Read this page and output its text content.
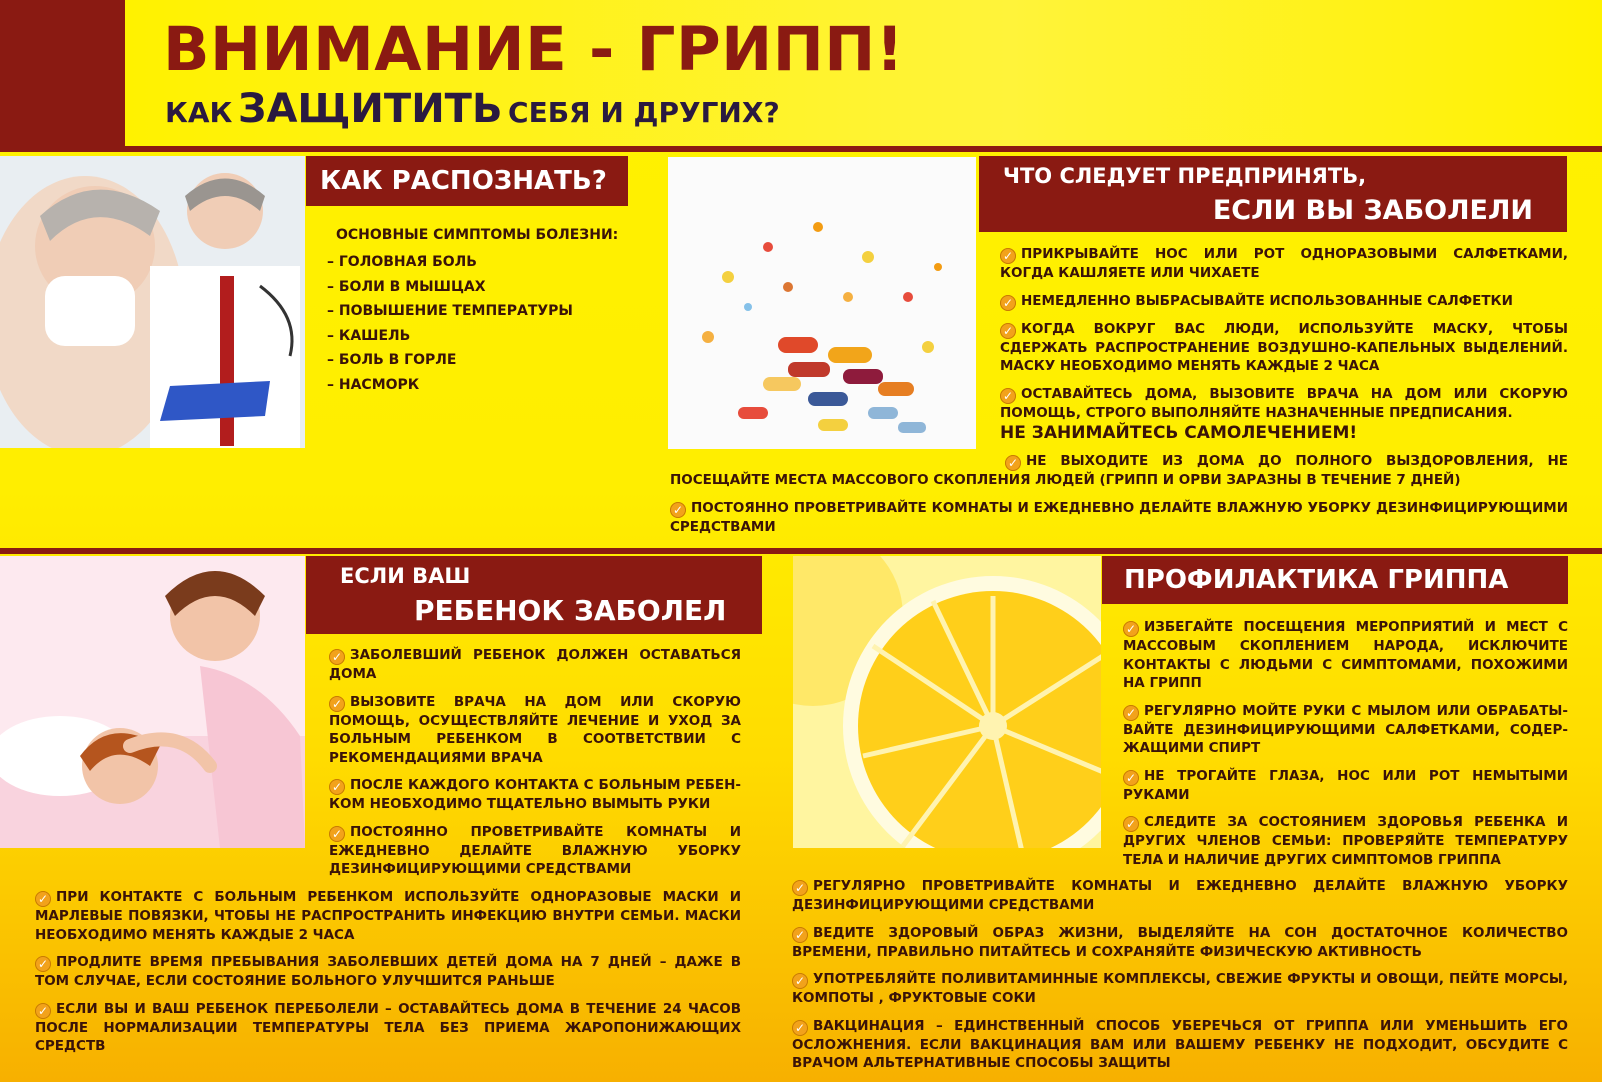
ВНИМАНИЕ - ГРИПП!
КАК ЗАЩИТИТЬ СЕБЯ И ДРУГИХ?
КАК РАСПОЗНАТЬ?
ОСНОВНЫЕ СИМПТОМЫ БОЛЕЗНИ:
– ГОЛОВНАЯ БОЛЬ
– БОЛИ В МЫШЦАХ
– ПОВЫШЕНИЕ ТЕМПЕРАТУРЫ
– КАШЕЛЬ
– БОЛЬ В ГОРЛЕ
– НАСМОРК
ЧТО СЛЕДУЕТ ПРЕДПРИНЯТЬ,
ЕСЛИ ВЫ ЗАБОЛЕЛИ

✓ ПРИКРЫВАЙТЕ НОС ИЛИ РОТ ОДНОРАЗОВЫМИ САЛФЕТКАМИ, КОГДА КАШЛЯЕТЕ ИЛИ ЧИХАЕТЕ

✓ НЕМЕДЛЕННО ВЫБРАСЫВАЙТЕ ИСПОЛЬЗОВАННЫЕ САЛФЕТКИ

✓ КОГДА ВОКРУГ ВАС ЛЮДИ, ИСПОЛЬЗУЙТЕ МАСКУ, ЧТОБЫ СДЕРЖАТЬ РАСПРОСТРАНЕНИЕ ВОЗДУШНО-КАПЕЛЬНЫХ ВЫДЕЛЕНИЙ. МАСКУ НЕОБХОДИМО МЕНЯТЬ КАЖДЫЕ 2 ЧАСА

✓ ОСТАВАЙТЕСЬ ДОМА, ВЫЗОВИТЕ ВРАЧА НА ДОМ ИЛИ СКОРУЮ ПОМОЩЬ, СТРОГО ВЫПОЛНЯЙТЕ НАЗНАЧЕННЫЕ ПРЕДПИСАНИЯ.

НЕ ЗАНИМАЙТЕСЬ САМОЛЕЧЕНИЕМ!

✓ НЕ ВЫХОДИТЕ ИЗ ДОМА ДО ПОЛНОГО ВЫЗДОРОВЛЕНИЯ, НЕ ПОСЕЩАЙТЕ МЕСТА МАССОВОГО СКОПЛЕНИЯ ЛЮДЕЙ (ГРИПП И ОРВИ ЗАРАЗНЫ В ТЕЧЕНИЕ 7 ДНЕЙ)

✓ ПОСТОЯННО ПРОВЕТРИВАЙТЕ КОМНАТЫ И ЕЖЕДНЕВНО ДЕЛАЙТЕ ВЛАЖНУЮ УБОРКУ ДЕЗИНФИЦИРУЮЩИМИ СРЕДСТВАМИ

ЕСЛИ ВАШ
РЕБЕНОК ЗАБОЛЕЛ

✓ ЗАБОЛЕВШИЙ РЕБЕНОК ДОЛЖЕН ОСТАВАТЬСЯ ДОМА

✓ ВЫЗОВИТЕ ВРАЧА НА ДОМ ИЛИ СКОРУЮ ПОМОЩЬ, ОСУЩЕСТВЛЯЙТЕ ЛЕЧЕНИЕ И УХОД ЗА БОЛЬНЫМ РЕБЕНКОМ В СООТВЕТСТВИИ С РЕКОМЕНДАЦИЯМИ ВРАЧА

✓ ПОСЛЕ КАЖДОГО КОНТАКТА С БОЛЬНЫМ РЕБЕН-КОМ НЕОБХОДИМО ТЩАТЕЛЬНО ВЫМЫТЬ РУКИ

✓ ПОСТОЯННО ПРОВЕТРИВАЙТЕ КОМНАТЫ И ЕЖЕДНЕВНО ДЕЛАЙТЕ ВЛАЖНУЮ УБОРКУ ДЕЗИНФИЦИРУЮЩИМИ СРЕДСТВАМИ

✓ ПРИ КОНТАКТЕ С БОЛЬНЫМ РЕБЕНКОМ ИСПОЛЬЗУЙТЕ ОДНОРАЗОВЫЕ МАСКИ И МАРЛЕВЫЕ ПОВЯЗКИ, ЧТОБЫ НЕ РАСПРОСТРАНИТЬ ИНФЕКЦИЮ ВНУТРИ СЕМЬИ. МАСКИ НЕОБХОДИМО МЕНЯТЬ КАЖДЫЕ 2 ЧАСА

✓ ПРОДЛИТЕ ВРЕМЯ ПРЕБЫВАНИЯ ЗАБОЛЕВШИХ ДЕТЕЙ ДОМА НА 7 ДНЕЙ – ДАЖЕ В ТОМ СЛУЧАЕ, ЕСЛИ СОСТОЯНИЕ БОЛЬНОГО УЛУЧШИТСЯ РАНЬШЕ

✓ ЕСЛИ ВЫ И ВАШ РЕБЕНОК ПЕРЕБОЛЕЛИ – ОСТАВАЙТЕСЬ ДОМА В ТЕЧЕНИЕ 24 ЧАСОВ ПОСЛЕ НОРМАЛИЗАЦИИ ТЕМПЕРАТУРЫ ТЕЛА БЕЗ ПРИЕМА ЖАРОПОНИЖАЮЩИХ СРЕДСТВ

ПРОФИЛАКТИКА ГРИППА

✓ ИЗБЕГАЙТЕ ПОСЕЩЕНИЯ МЕРОПРИЯТИЙ И МЕСТ С МАССОВЫМ СКОПЛЕНИЕМ НАРОДА, ИСКЛЮЧИТЕ КОНТАКТЫ С ЛЮДЬМИ С СИМПТОМАМИ, ПОХОЖИМИ НА ГРИПП

✓ РЕГУЛЯРНО МОЙТЕ РУКИ С МЫЛОМ ИЛИ ОБРАБАТЫ-ВАЙТЕ ДЕЗИНФИЦИРУЮЩИМИ САЛФЕТКАМИ, СОДЕР-ЖАЩИМИ СПИРТ

✓ НЕ ТРОГАЙТЕ ГЛАЗА, НОС ИЛИ РОТ НЕМЫТЫМИ РУКАМИ

✓ СЛЕДИТЕ ЗА СОСТОЯНИЕМ ЗДОРОВЬЯ РЕБЕНКА И ДРУГИХ ЧЛЕНОВ СЕМЬИ: ПРОВЕРЯЙТЕ ТЕМПЕРАТУРУ ТЕЛА И НАЛИЧИЕ ДРУГИХ СИМПТОМОВ ГРИППА

✓ РЕГУЛЯРНО ПРОВЕТРИВАЙТЕ КОМНАТЫ И ЕЖЕДНЕВНО ДЕЛАЙТЕ ВЛАЖНУЮ УБОРКУ ДЕЗИНФИЦИРУЮЩИМИ СРЕДСТВАМИ

✓ ВЕДИТЕ ЗДОРОВЫЙ ОБРАЗ ЖИЗНИ, ВЫДЕЛЯЙТЕ НА СОН ДОСТАТОЧНОЕ КОЛИЧЕСТВО ВРЕМЕНИ, ПРАВИЛЬНО ПИТАЙТЕСЬ И СОХРАНЯЙТЕ ФИЗИЧЕСКУЮ АКТИВНОСТЬ

✓ УПОТРЕБЛЯЙТЕ ПОЛИВИТАМИННЫЕ КОМПЛЕКСЫ, СВЕЖИЕ ФРУКТЫ И ОВОЩИ, ПЕЙТЕ МОРСЫ, КОМПОТЫ , ФРУКТОВЫЕ СОКИ

✓ ВАКЦИНАЦИЯ – ЕДИНСТВЕННЫЙ СПОСОБ УБЕРЕЧЬСЯ ОТ ГРИППА ИЛИ УМЕНЬШИТЬ ЕГО ОСЛОЖНЕНИЯ. ЕСЛИ ВАКЦИНАЦИЯ ВАМ ИЛИ ВАШЕМУ РЕБЕНКУ НЕ ПОДХОДИТ, ОБСУДИТЕ С ВРАЧОМ АЛЬТЕРНАТИВНЫЕ СПОСОБЫ ЗАЩИТЫ
